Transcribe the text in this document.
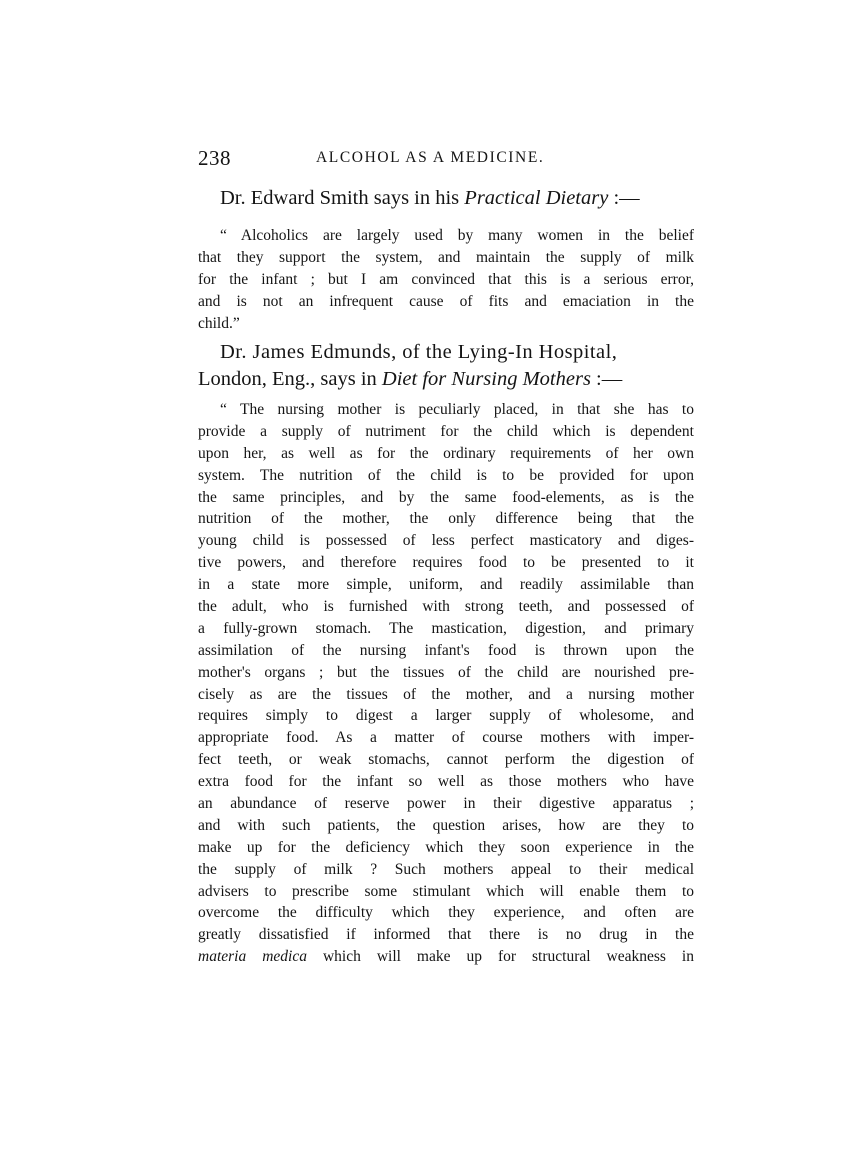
238	ALCOHOL AS A MEDICINE.
Dr. Edward Smith says in his Practical Dietary :—
“ Alcoholics are largely used by many women in the belief
that they support the system, and maintain the supply of milk
for the infant ; but I am convinced that this is a serious error,
and is not an infrequent cause of fits and emaciation in the
child.”
Dr. James Edmunds, of the Lying-In Hospital,
London, Eng., says in Diet for Nursing Mothers :—
“ The nursing mother is peculiarly placed, in that she has to
provide a supply of nutriment for the child which is dependent
upon her, as well as for the ordinary requirements of her own
system. The nutrition of the child is to be provided for upon
the same principles, and by the same food-elements, as is the
nutrition of the mother, the only difference being that the
young child is possessed of less perfect masticatory and diges-
tive powers, and therefore requires food to be presented to it
in a state more simple, uniform, and readily assimilable than
the adult, who is furnished with strong teeth, and possessed of
a fully-grown stomach. The mastication, digestion, and primary
assimilation of the nursing infant's food is thrown upon the
mother's organs ; but the tissues of the child are nourished pre-
cisely as are the tissues of the mother, and a nursing mother
requires simply to digest a larger supply of wholesome, and
appropriate food. As a matter of course mothers with imper-
fect teeth, or weak stomachs, cannot perform the digestion of
extra food for the infant so well as those mothers who have
an abundance of reserve power in their digestive apparatus ;
and with such patients, the question arises, how are they to
make up for the deficiency which they soon experience in the
the supply of milk ? Such mothers appeal to their medical
advisers to prescribe some stimulant which will enable them to
overcome the difficulty which they experience, and often are
greatly dissatisfied if informed that there is no drug in the
materia medica which will make up for structural weakness in
